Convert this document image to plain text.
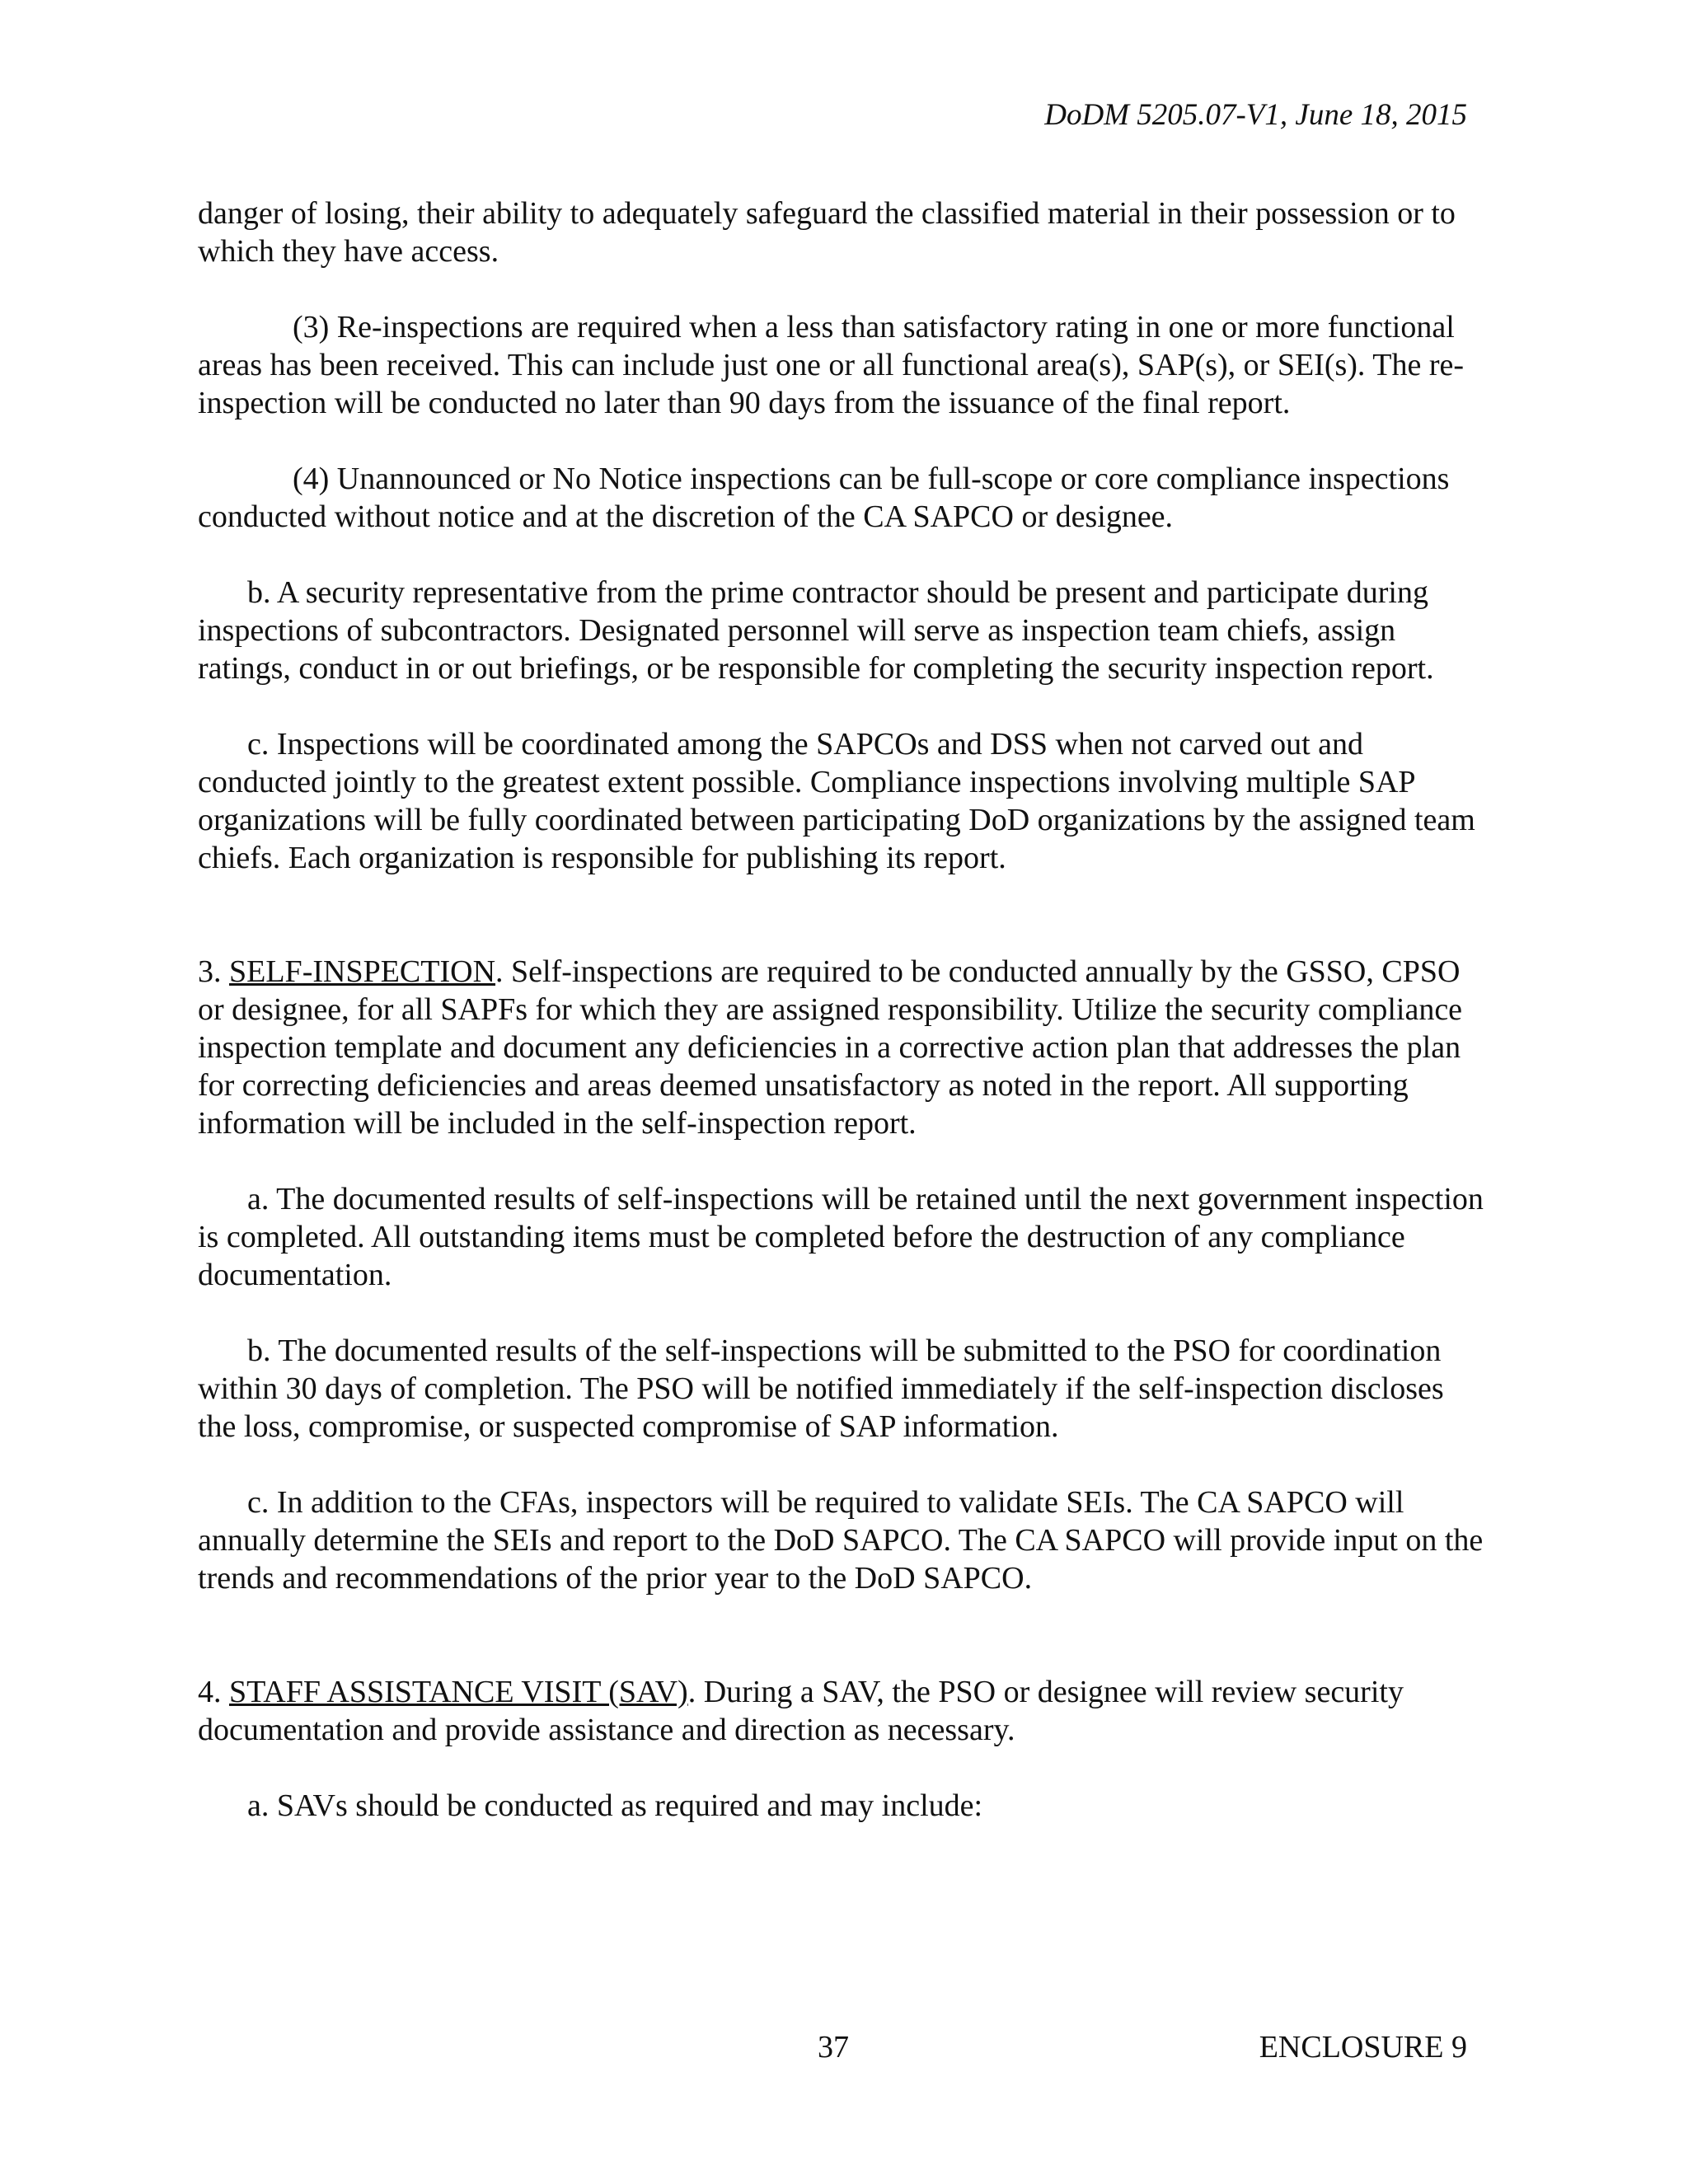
DoDM 5205.07-V1, June 18, 2015

danger of losing, their ability to adequately safeguard the classified material in their possession or to which they have access.

(3) Re-inspections are required when a less than satisfactory rating in one or more functional areas has been received. This can include just one or all functional area(s), SAP(s), or SEI(s). The re-inspection will be conducted no later than 90 days from the issuance of the final report.

(4) Unannounced or No Notice inspections can be full-scope or core compliance inspections conducted without notice and at the discretion of the CA SAPCO or designee.

b. A security representative from the prime contractor should be present and participate during inspections of subcontractors. Designated personnel will serve as inspection team chiefs, assign ratings, conduct in or out briefings, or be responsible for completing the security inspection report.

c. Inspections will be coordinated among the SAPCOs and DSS when not carved out and conducted jointly to the greatest extent possible. Compliance inspections involving multiple SAP organizations will be fully coordinated between participating DoD organizations by the assigned team chiefs. Each organization is responsible for publishing its report.

3. SELF-INSPECTION. Self-inspections are required to be conducted annually by the GSSO, CPSO or designee, for all SAPFs for which they are assigned responsibility. Utilize the security compliance inspection template and document any deficiencies in a corrective action plan that addresses the plan for correcting deficiencies and areas deemed unsatisfactory as noted in the report. All supporting information will be included in the self-inspection report.

a. The documented results of self-inspections will be retained until the next government inspection is completed. All outstanding items must be completed before the destruction of any compliance documentation.

b. The documented results of the self-inspections will be submitted to the PSO for coordination within 30 days of completion. The PSO will be notified immediately if the self-inspection discloses the loss, compromise, or suspected compromise of SAP information.

c. In addition to the CFAs, inspectors will be required to validate SEIs. The CA SAPCO will annually determine the SEIs and report to the DoD SAPCO. The CA SAPCO will provide input on the trends and recommendations of the prior year to the DoD SAPCO.

4. STAFF ASSISTANCE VISIT (SAV). During a SAV, the PSO or designee will review security documentation and provide assistance and direction as necessary.

a. SAVs should be conducted as required and may include:

37	ENCLOSURE 9
